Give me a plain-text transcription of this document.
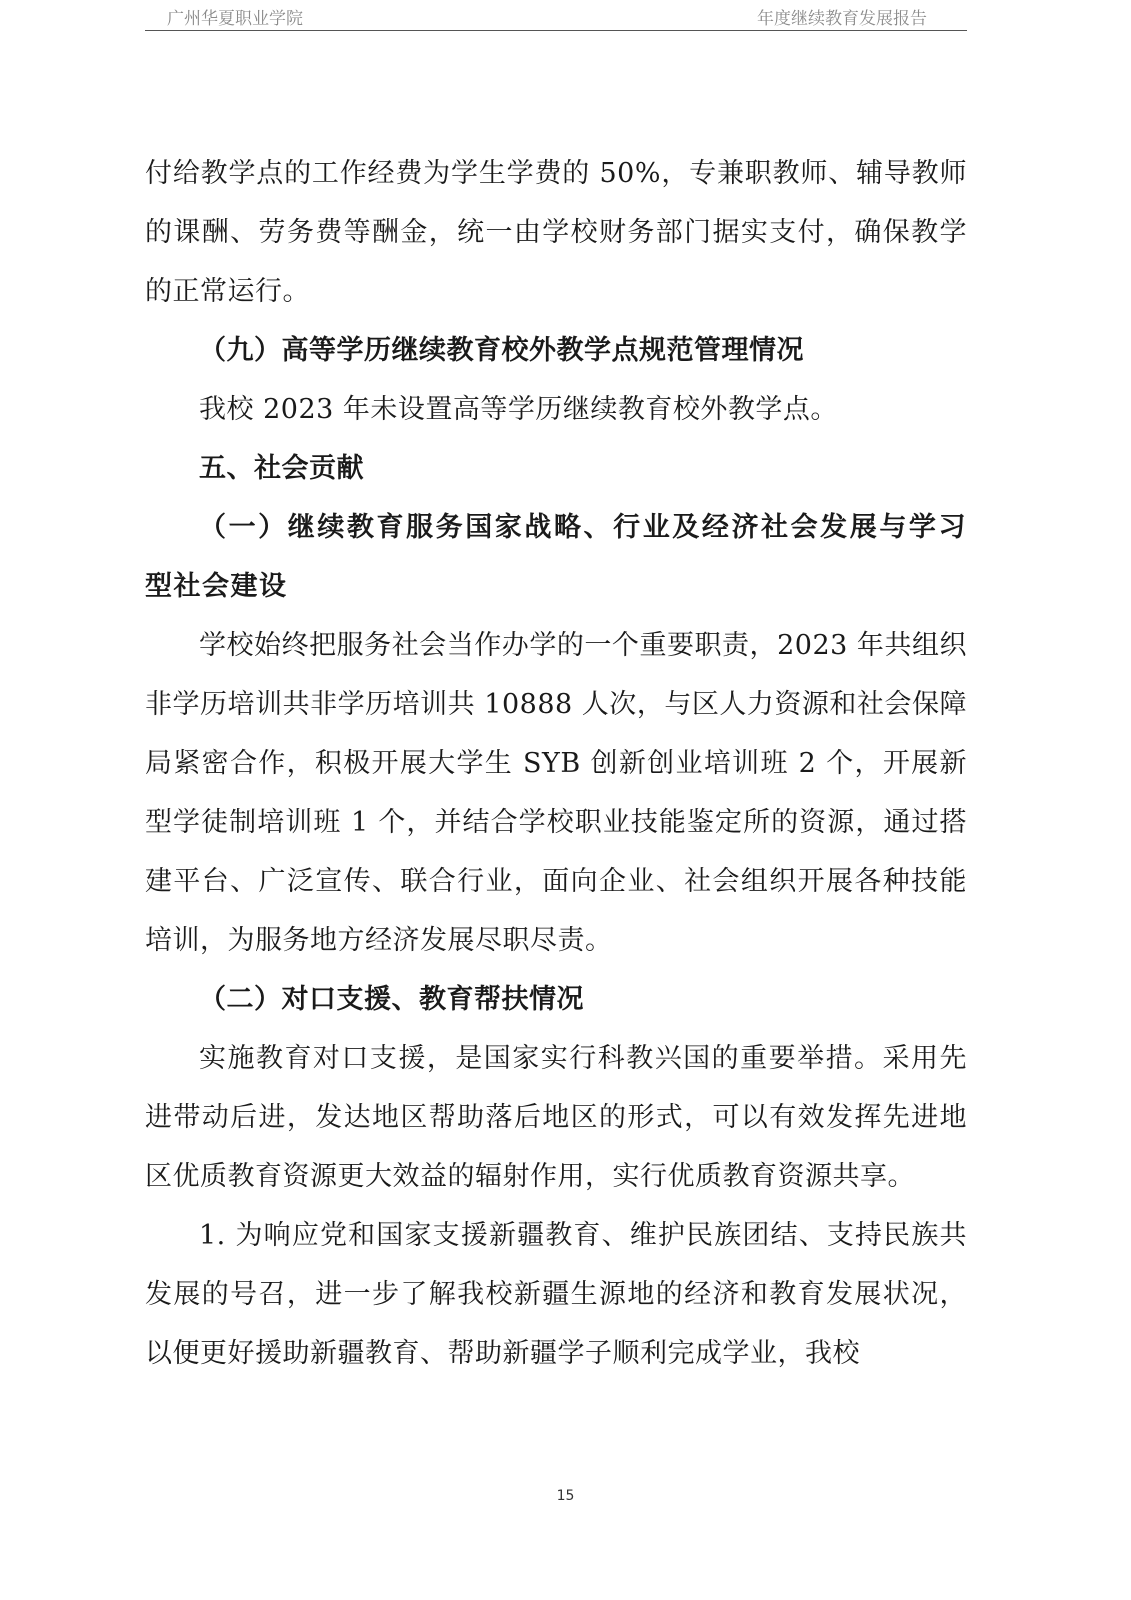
广州华夏职业学院	年度继续教育发展报告

付给教学点的工作经费为学生学费的 50%，专兼职教师、辅导教师的课酬、劳务费等酬金，统一由学校财务部门据实支付，确保教学的正常运行。

（九）高等学历继续教育校外教学点规范管理情况

我校 2023 年未设置高等学历继续教育校外教学点。

五、社会贡献

（一）继续教育服务国家战略、行业及经济社会发展与学习型社会建设

学校始终把服务社会当作办学的一个重要职责，2023 年共组织非学历培训共非学历培训共 10888 人次，与区人力资源和社会保障局紧密合作，积极开展大学生 SYB 创新创业培训班 2 个，开展新型学徒制培训班 1 个，并结合学校职业技能鉴定所的资源，通过搭建平台、广泛宣传、联合行业，面向企业、社会组织开展各种技能培训，为服务地方经济发展尽职尽责。

（二）对口支援、教育帮扶情况

实施教育对口支援，是国家实行科教兴国的重要举措。采用先进带动后进，发达地区帮助落后地区的形式，可以有效发挥先进地区优质教育资源更大效益的辐射作用，实行优质教育资源共享。

1. 为响应党和国家支援新疆教育、维护民族团结、支持民族共发展的号召，进一步了解我校新疆生源地的经济和教育发展状况，以便更好援助新疆教育、帮助新疆学子顺利完成学业，我校

15
